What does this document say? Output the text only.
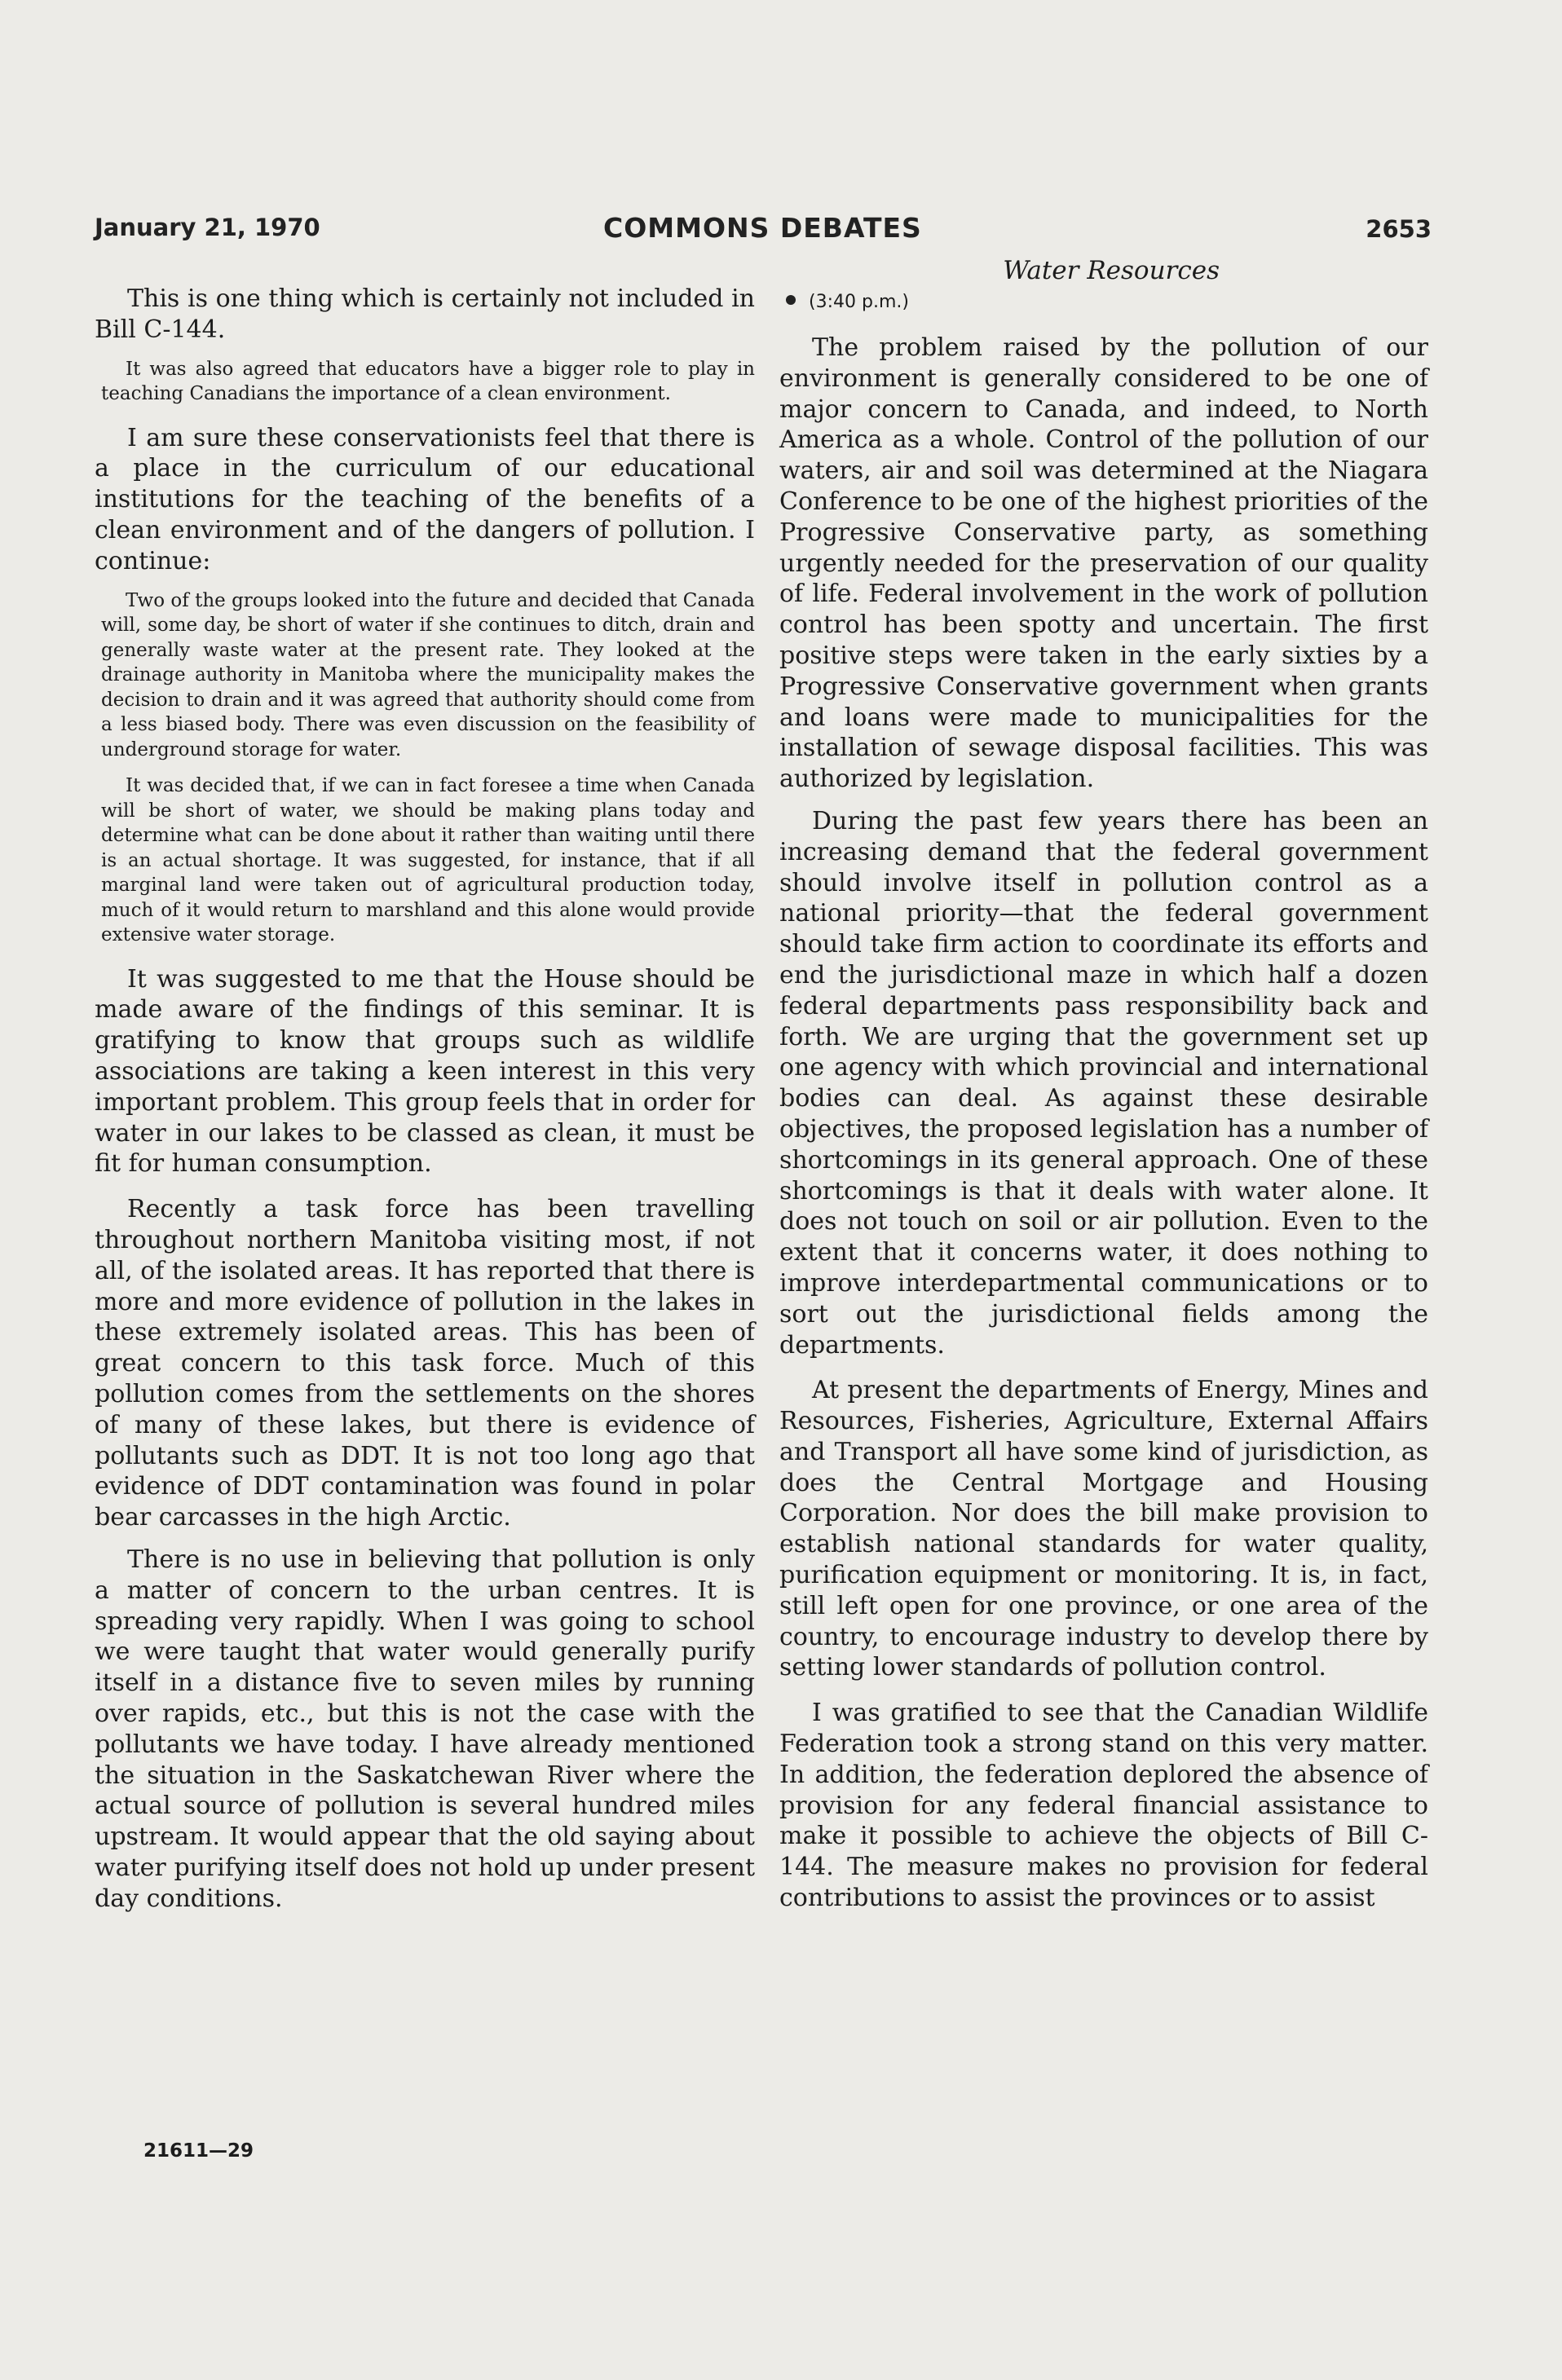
January 21, 1970	COMMONS DEBATES	2653

This is one thing which is certainly not included in Bill C-144.

It was also agreed that educators have a bigger role to play in teaching Canadians the importance of a clean environment.

I am sure these conservationists feel that there is a place in the curriculum of our educational institutions for the teaching of the benefits of a clean environment and of the dangers of pollution. I continue:

Two of the groups looked into the future and decided that Canada will, some day, be short of water if she continues to ditch, drain and generally waste water at the present rate. They looked at the drainage authority in Manitoba where the municipality makes the decision to drain and it was agreed that authority should come from a less biased body. There was even discussion on the feasibility of underground storage for water.

It was decided that, if we can in fact foresee a time when Canada will be short of water, we should be making plans today and determine what can be done about it rather than waiting until there is an actual shortage. It was suggested, for instance, that if all marginal land were taken out of agricultural production today, much of it would return to marshland and this alone would provide extensive water storage.

It was suggested to me that the House should be made aware of the findings of this seminar. It is gratifying to know that groups such as wildlife associations are taking a keen interest in this very important problem. This group feels that in order for water in our lakes to be classed as clean, it must be fit for human consumption.

Recently a task force has been travelling throughout northern Manitoba visiting most, if not all, of the isolated areas. It has reported that there is more and more evidence of pollution in the lakes in these extremely isolated areas. This has been of great concern to this task force. Much of this pollution comes from the settlements on the shores of many of these lakes, but there is evidence of pollutants such as DDT. It is not too long ago that evidence of DDT contamination was found in polar bear carcasses in the high Arctic.

There is no use in believing that pollution is only a matter of concern to the urban centres. It is spreading very rapidly. When I was going to school we were taught that water would generally purify itself in a distance five to seven miles by running over rapids, etc., but this is not the case with the pollutants we have today. I have already mentioned the situation in the Saskatchewan River where the actual source of pollution is several hundred miles upstream. It would appear that the old saying about water purifying itself does not hold up under present day conditions.

Water Resources
(3:40 p.m.)

The problem raised by the pollution of our environment is generally considered to be one of major concern to Canada, and indeed, to North America as a whole. Control of the pollution of our waters, air and soil was determined at the Niagara Conference to be one of the highest priorities of the Progressive Conservative party, as something urgently needed for the preservation of our quality of life. Federal involvement in the work of pollution control has been spotty and uncertain. The first positive steps were taken in the early sixties by a Progressive Conservative government when grants and loans were made to municipalities for the installation of sewage disposal facilities. This was authorized by legislation.

During the past few years there has been an increasing demand that the federal government should involve itself in pollution control as a national priority—that the federal government should take firm action to coordinate its efforts and end the jurisdictional maze in which half a dozen federal departments pass responsibility back and forth. We are urging that the government set up one agency with which provincial and international bodies can deal. As against these desirable objectives, the proposed legislation has a number of shortcomings in its general approach. One of these shortcomings is that it deals with water alone. It does not touch on soil or air pollution. Even to the extent that it concerns water, it does nothing to improve interdepartmental communications or to sort out the jurisdictional fields among the departments.

At present the departments of Energy, Mines and Resources, Fisheries, Agriculture, External Affairs and Transport all have some kind of jurisdiction, as does the Central Mortgage and Housing Corporation. Nor does the bill make provision to establish national standards for water quality, purification equipment or monitoring. It is, in fact, still left open for one province, or one area of the country, to encourage industry to develop there by setting lower standards of pollution control.

I was gratified to see that the Canadian Wildlife Federation took a strong stand on this very matter. In addition, the federation deplored the absence of provision for any federal financial assistance to make it possible to achieve the objects of Bill C-144. The measure makes no provision for federal contributions to assist the provinces or to assist

21611—29
